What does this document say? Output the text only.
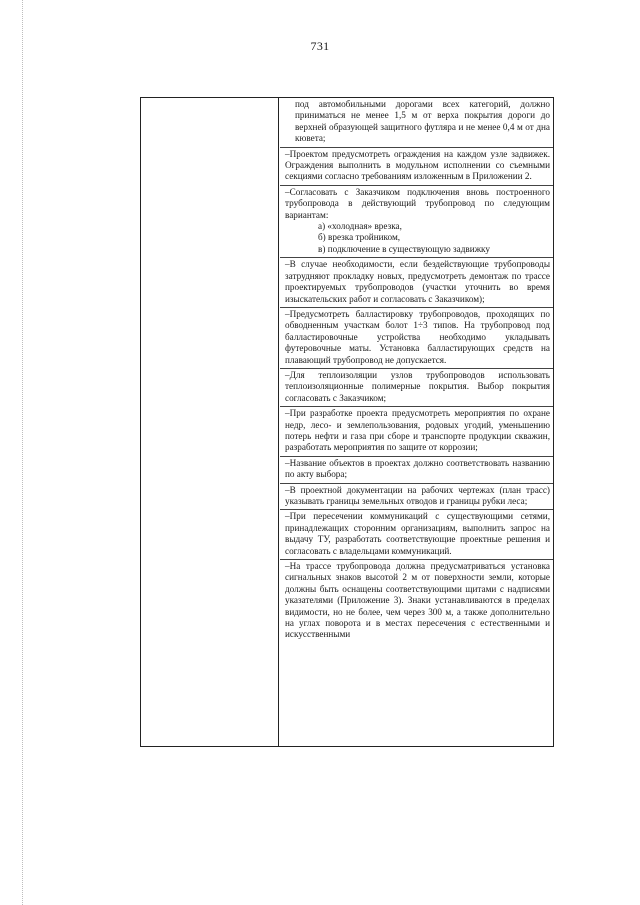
731
под автомобильными дорогами всех категорий, должно приниматься не менее 1,5 м от верха покрытия дороги до верхней образующей защитного футляра и не менее 0,4 м от дна кювета;
–Проектом предусмотреть ограждения на каждом узле задвижек. Ограждения выполнить в модульном исполнении со съемными секциями согласно требованиям изложенным в Приложении 2.
–Согласовать с Заказчиком подключения вновь построенного трубопровода в действующий трубопровод по следующим вариантам:
а) «холодная» врезка,
б) врезка тройником,
в) подключение в существующую задвижку
–В случае необходимости, если бездействующие трубопроводы затрудняют прокладку новых, предусмотреть демонтаж по трассе проектируемых трубопроводов (участки уточнить во время изыскательских работ и согласовать с Заказчиком);
–Предусмотреть балластировку трубопроводов, проходящих по обводненным участкам болот 1÷3 типов. На трубопровод под балластировочные устройства необходимо укладывать футеровочные маты. Установка балластирующих средств на плавающий трубопровод не допускается.
–Для теплоизоляции узлов трубопроводов использовать теплоизоляционные полимерные покрытия. Выбор покрытия согласовать с Заказчиком;
–При разработке проекта предусмотреть мероприятия по охране недр, лесо- и землепользования, родовых угодий, уменьшению потерь нефти и газа при сборе и транспорте продукции скважин, разработать мероприятия по защите от коррозии;
–Название объектов в проектах должно соответствовать названию по акту выбора;
–В проектной документации на рабочих чертежах (план трасс) указывать границы земельных отводов и границы рубки леса;
–При пересечении коммуникаций с существующими сетями, принадлежащих сторонним организациям, выполнить запрос на выдачу ТУ, разработать соответствующие проектные решения и согласовать с владельцами коммуникаций.
–На трассе трубопровода должна предусматриваться установка сигнальных знаков высотой 2 м от поверхности земли, которые должны быть оснащены соответствующими щитами с надписями указателями (Приложение 3). Знаки устанавливаются в пределах видимости, но не более, чем через 300 м, а также дополнительно на углах поворота и в местах пересечения с естественными и искусственными
